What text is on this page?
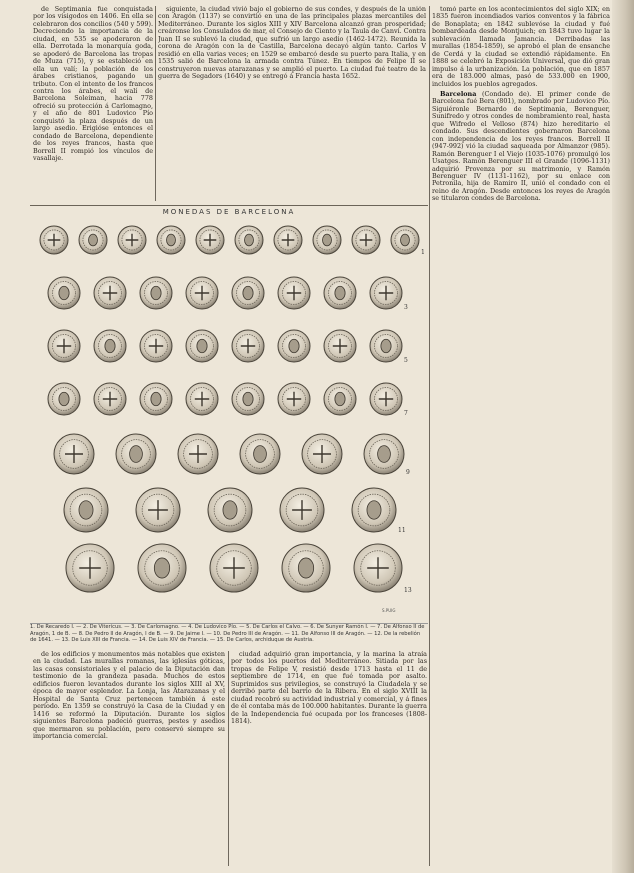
de Septimania fue conquistada por los visigodos en 1406. En ella se celebraron dos concilios (540 y 599). Decreciendo la importancia de la ciudad, en 535 se apoderaron de ella. Derrotada la monarquía goda, se apoderó de Barcelona las tropas de Muza (715), y se estableció en ella un valí; la población de los árabes cristianos, pagando un tributo. Con el intento de los francos contra los árabes, el walí de Barcelona Soleiman, hacia 778 ofreció su protección á Carlomagno, y el año de 801 Ludovico Pío conquistó la plaza después de un largo asedio. Erigióse entonces el condado de Barcelona, dependiente de los reyes francos, hasta que Borrell II rompió los vínculos de vasallaje.

siguiente, la ciudad vivió bajo el gobierno de sus condes, y después de la unión con Aragón (1137) se convirtió en una de las principales plazas mercantiles del Mediterráneo. Durante los siglos XIII y XIV Barcelona alcanzó gran prosperidad; creáronse los Consulados de mar, el Consejo de Ciento y la Taula de Canvi. Contra Juan II se sublevó la ciudad, que sufrió un largo asedio (1462-1472). Reunida la corona de Aragón con la de Castilla, Barcelona decayó algún tanto. Carlos V residió en ella varias veces; en 1529 se embarcó desde su puerto para Italia, y en 1535 salió de Barcelona la armada contra Túnez. En tiempos de Felipe II se construyeron nuevas atarazanas y se amplió el puerto. La ciudad fué teatro de la guerra de Segadors (1640) y se entregó á Francia hasta 1652.

MONEDAS DE BARCELONA
1
3
5
7
9
11
13
S.PUIG
1. De Recaredo I. — 2. De Vitericus. — 3. De Carlomagno. — 4. De Ludovico Pío. — 5. De Carlos el Calvo. — 6. De Sunyer Ramón I. — 7. De Alfonso II de Aragón, 1 de B. — 8. De Pedro II de Aragón, I de B. — 9. De Jaime I. — 10. De Pedro III de Aragón. — 11. De Alfonso III de Aragón. — 12. De la rebelión de 1641. — 13. De Luis XIII de Francia. — 14. De Luis XIV de Francia. — 15. De Carlos, archiduque de Austria.

de los edificios y monumentos más notables que existen en la ciudad. Las murallas romanas, las iglesias góticas, las casas consistoriales y el palacio de la Diputación dan testimonio de la grandeza pasada. Muchos de estos edificios fueron levantados durante los siglos XIII al XV, época de mayor esplendor. La Lonja, las Atarazanas y el Hospital de Santa Cruz pertenecen también á este período. En 1359 se construyó la Casa de la Ciudad y en 1416 se reformó la Diputación. Durante los siglos siguientes Barcelona padeció guerras, pestes y asedios que mermaron su población, pero conservó siempre su importancia comercial.

ciudad adquirió gran importancia, y la marina la atraía por todos los puertos del Mediterráneo. Sitiada por las tropas de Felipe V, resistió desde 1713 hasta el 11 de septiembre de 1714, en que fué tomada por asalto. Suprimidos sus privilegios, se construyó la Ciudadela y se derribó parte del barrio de la Ribera. En el siglo XVIII la ciudad recobró su actividad industrial y comercial, y á fines de él contaba más de 100.000 habitantes. Durante la guerra de la Independencia fué ocupada por los franceses (1808-1814).

tomó parte en los acontecimientos del siglo XIX; en 1835 fueron incendiados varios conventos y la fábrica de Bonaplata; en 1842 sublevóse la ciudad y fué bombardeada desde Montjuich; en 1843 tuvo lugar la sublevación llamada Jamancia. Derribadas las murallas (1854-1859), se aprobó el plan de ensanche de Cerdá y la ciudad se extendió rápidamente. En 1888 se celebró la Exposición Universal, que dió gran impulso á la urbanización. La población, que en 1857 era de 183.000 almas, pasó de 533.000 en 1900, incluidos los pueblos agregados.

Barcelona (Condado de). El primer conde de Barcelona fué Bera (801), nombrado por Ludovico Pío. Siguiéronle Bernardo de Septimania, Berenguer, Sunifredo y otros condes de nombramiento real, hasta que Wifredo el Velloso (874) hizo hereditario el condado. Sus descendientes gobernaron Barcelona con independencia de los reyes francos. Borrell II (947-992) vió la ciudad saqueada por Almanzor (985). Ramón Berenguer I el Viejo (1035-1076) promulgó los Usatges. Ramón Berenguer III el Grande (1096-1131) adquirió Provenza por su matrimonio, y Ramón Berenguer IV (1131-1162), por su enlace con Petronila, hija de Ramiro II, unió el condado con el reino de Aragón. Desde entonces los reyes de Aragón se titularon condes de Barcelona.
